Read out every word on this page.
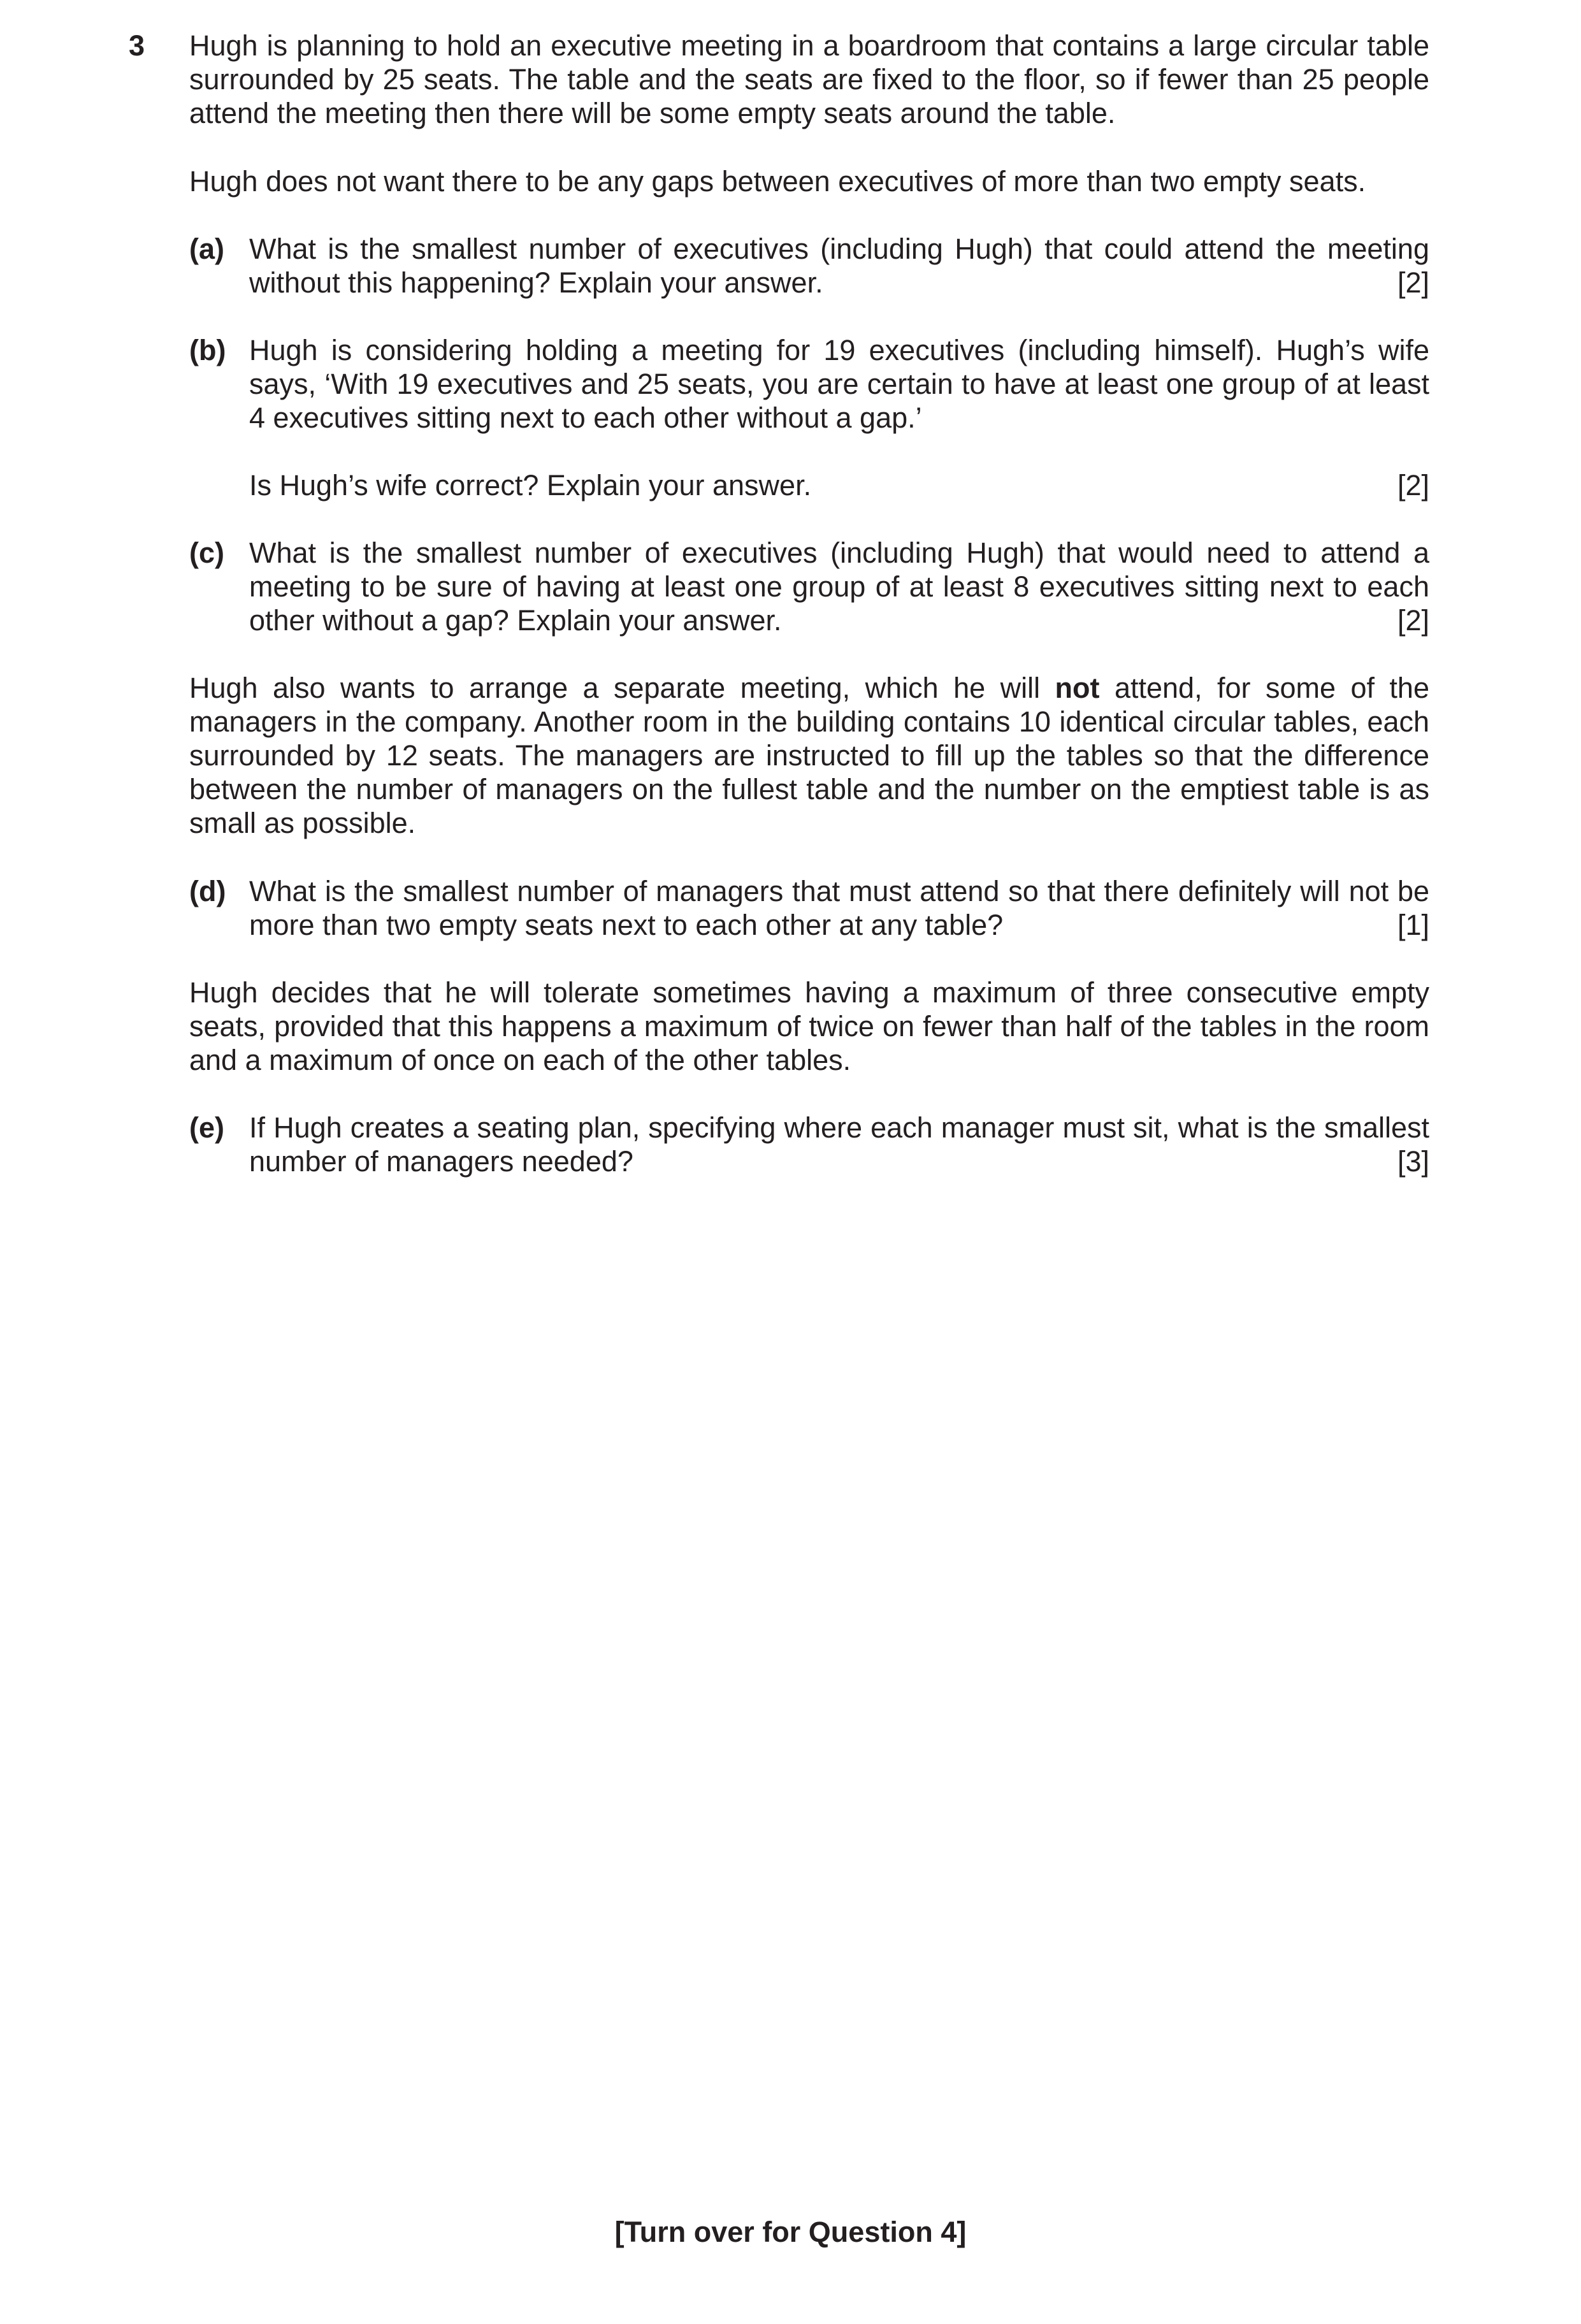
3 Hugh is planning to hold an executive meeting in a boardroom that contains a large circular table surrounded by 25 seats. The table and the seats are fixed to the floor, so if fewer than 25 people attend the meeting then there will be some empty seats around the table.

Hugh does not want there to be any gaps between executives of more than two empty seats.

(a) What is the smallest number of executives (including Hugh) that could attend the meeting

without this happening? Explain your answer.	[2]
(b) Hugh is considering holding a meeting for 19 executives (including himself). Hugh’s wife says, ‘With 19 executives and 25 seats, you are certain to have at least one group of at least 4 executives sitting next to each other without a gap.’

Is Hugh’s wife correct? Explain your answer.	[2]
(c) What is the smallest number of executives (including Hugh) that would need to attend a meeting to be sure of having at least one group of at least 8 executives sitting next to each

other without a gap? Explain your answer.	[2]

Hugh also wants to arrange a separate meeting, which he will not attend, for some of the managers in the company. Another room in the building contains 10 identical circular tables, each surrounded by 12 seats. The managers are instructed to fill up the tables so that the difference between the number of managers on the fullest table and the number on the emptiest table is as small as possible.

(d) What is the smallest number of managers that must attend so that there definitely will not be

more than two empty seats next to each other at any table?	[1]

Hugh decides that he will tolerate sometimes having a maximum of three consecutive empty seats, provided that this happens a maximum of twice on fewer than half of the tables in the room and a maximum of once on each of the other tables.

(e) If Hugh creates a seating plan, specifying where each manager must sit, what is the smallest

number of managers needed?	[3]
[Turn over for Question 4]
